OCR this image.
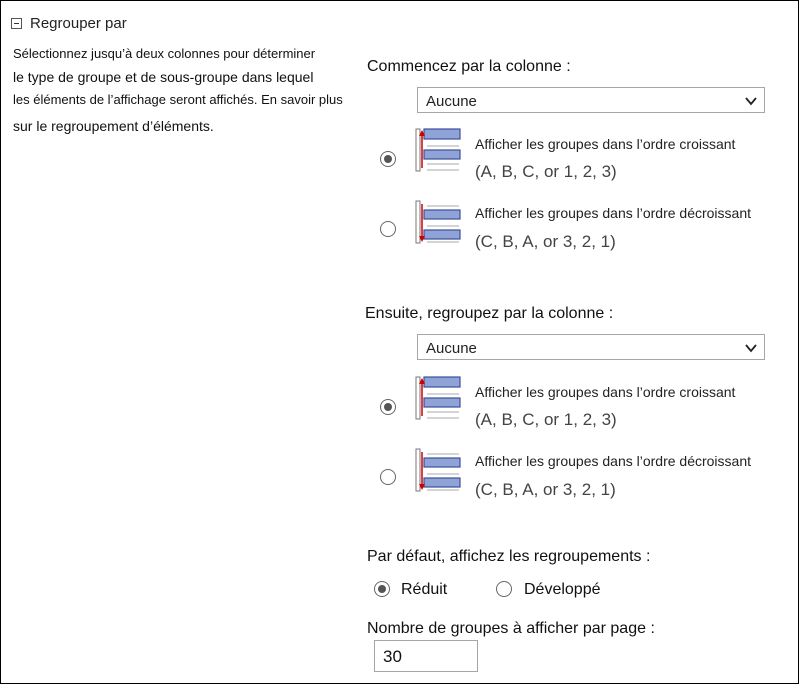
Regrouper par
Sélectionnez jusqu’à deux colonnes pour déterminer
le type de groupe et de sous-groupe dans lequel
les éléments de l’affichage seront affichés. En savoir plus
sur le regroupement d’éléments.
Commencez par la colonne :
Aucune
Afficher les groupes dans l’ordre croissant
(A, B, C, or 1, 2, 3)
Afficher les groupes dans l’ordre décroissant
(C, B, A, or 3, 2, 1)
Ensuite, regroupez par la colonne :
Aucune
Afficher les groupes dans l’ordre croissant
(A, B, C, or 1, 2, 3)
Afficher les groupes dans l’ordre décroissant
(C, B, A, or 3, 2, 1)
Par défaut, affichez les regroupements :
Réduit	Développé
Nombre de groupes à afficher par page :
30
